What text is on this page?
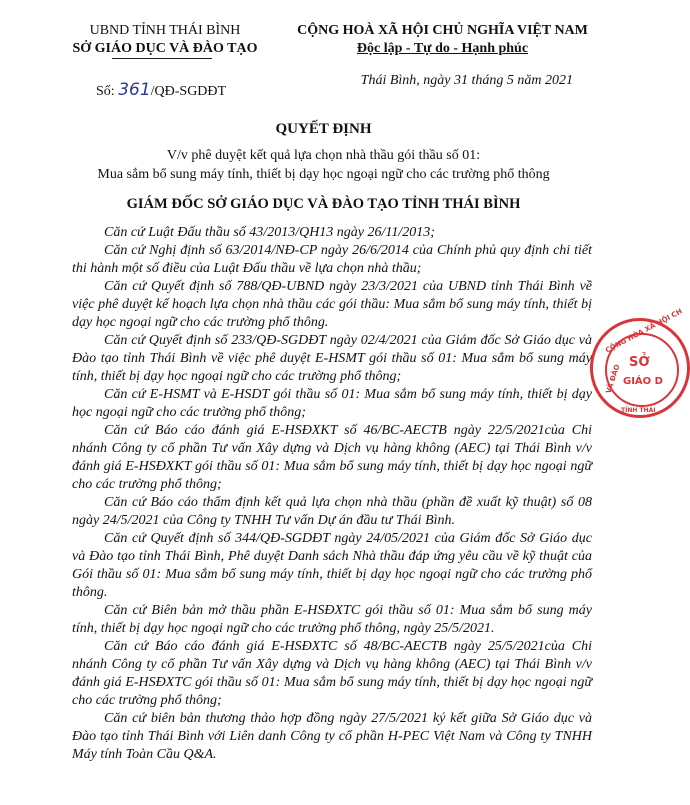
UBND TỈNH THÁI BÌNH
SỞ GIÁO DỤC VÀ ĐÀO TẠO
CỘNG HOÀ XÃ HỘI CHỦ NGHĨA VIỆT NAM
Độc lập - Tự do - Hạnh phúc
Số: 361/QĐ-SGDĐT
Thái Bình, ngày 31 tháng 5 năm 2021
QUYẾT ĐỊNH
V/v phê duyệt kết quả lựa chọn nhà thầu gói thầu số 01:
Mua sắm bổ sung máy tính, thiết bị dạy học ngoại ngữ cho các trường phổ thông
GIÁM ĐỐC SỞ GIÁO DỤC VÀ ĐÀO TẠO TỈNH THÁI BÌNH

Căn cứ Luật Đấu thầu số 43/2013/QH13 ngày 26/11/2013;

Căn cứ Nghị định số 63/2014/NĐ-CP ngày 26/6/2014 của Chính phủ quy định chi tiết thi hành một số điều của Luật Đấu thầu về lựa chọn nhà thầu;

Căn cứ Quyết định số 788/QĐ-UBND ngày 23/3/2021 của UBND tỉnh Thái Bình về việc phê duyệt kế hoạch lựa chọn nhà thầu các gói thầu: Mua sắm bổ sung máy tính, thiết bị dạy học ngoại ngữ cho các trường phổ thông.

Căn cứ Quyết định số 233/QĐ-SGDĐT ngày 02/4/2021 của Giám đốc Sở Giáo dục và Đào tạo tỉnh Thái Bình về việc phê duyệt E-HSMT gói thầu số 01: Mua sắm bổ sung máy tính, thiết bị dạy học ngoại ngữ cho các trường phổ thông;

Căn cứ E-HSMT và E-HSDT gói thầu số 01: Mua sắm bổ sung máy tính, thiết bị dạy học ngoại ngữ cho các trường phổ thông;

Căn cứ Báo cáo đánh giá E-HSĐXKT số 46/BC-AECTB ngày 22/5/2021của Chi nhánh Công ty cổ phần Tư vấn Xây dựng và Dịch vụ hàng không (AEC) tại Thái Bình v/v đánh giá E-HSĐXKT gói thầu số 01: Mua sắm bổ sung máy tính, thiết bị dạy học ngoại ngữ cho các trường phổ thông;

Căn cứ Báo cáo thẩm định kết quả lựa chọn nhà thầu (phần đề xuất kỹ thuật) số 08 ngày 24/5/2021 của Công ty TNHH Tư vấn Dự án đầu tư Thái Bình.

Căn cứ Quyết định số 344/QĐ-SGDĐT ngày 24/05/2021 của Giám đốc Sở Giáo dục và Đào tạo tỉnh Thái Bình, Phê duyệt Danh sách Nhà thầu đáp ứng yêu cầu về kỹ thuật của Gói thầu số 01: Mua sắm bổ sung máy tính, thiết bị dạy học ngoại ngữ cho các trường phổ thông.

Căn cứ Biên bản mở thầu phần E-HSĐXTC gói thầu số 01: Mua sắm bổ sung máy tính, thiết bị dạy học ngoại ngữ cho các trường phổ thông, ngày 25/5/2021.

Căn cứ Báo cáo đánh giá E-HSĐXTC số 48/BC-AECTB ngày 25/5/2021của Chi nhánh Công ty cổ phần Tư vấn Xây dựng và Dịch vụ hàng không (AEC) tại Thái Bình v/v đánh giá E-HSĐXTC gói thầu số 01: Mua sắm bổ sung máy tính, thiết bị dạy học ngoại ngữ cho các trường phổ thông;

Căn cứ biên bản thương thảo hợp đồng ngày 27/5/2021 ký kết giữa Sở Giáo dục và Đào tạo tỉnh Thái Bình với Liên danh Công ty cổ phần H-PEC Việt Nam và Công ty TNHH Máy tính Toàn Cầu Q&A.

CỘNG HÒA XÃ HỘI CH
SỞ
GIÁO D
VÀ ĐÀO
TỈNH THÁI
